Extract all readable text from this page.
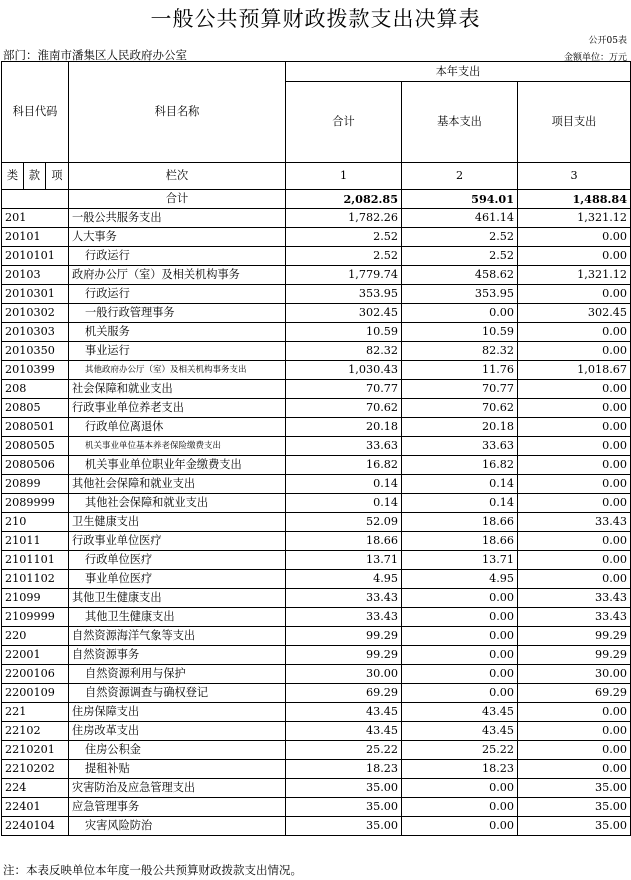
一般公共预算财政拨款支出决算表
公开05表
部门：淮南市潘集区人民政府办公室	金额单位：万元
科目代码			科目名称	本年支出		
				合计	基本支出	项目支出
类	款	项				
			栏次	1	2	3
			合计	2,082.85	594.01	1,488.84
201			一般公共服务支出	1,782.26	461.14	1,321.12
20101			人大事务	2.52	2.52	0.00
2010101			行政运行	2.52	2.52	0.00
20103			政府办公厅（室）及相关机构事务	1,779.74	458.62	1,321.12
2010301			行政运行	353.95	353.95	0.00
2010302			一般行政管理事务	302.45	0.00	302.45
2010303			机关服务	10.59	10.59	0.00
2010350			事业运行	82.32	82.32	0.00
2010399			其他政府办公厅（室）及相关机构事务支出	1,030.43	11.76	1,018.67
208			社会保障和就业支出	70.77	70.77	0.00
20805			行政事业单位养老支出	70.62	70.62	0.00
2080501			行政单位离退休	20.18	20.18	0.00
2080505			机关事业单位基本养老保险缴费支出	33.63	33.63	0.00
2080506			机关事业单位职业年金缴费支出	16.82	16.82	0.00
20899			其他社会保障和就业支出	0.14	0.14	0.00
2089999			其他社会保障和就业支出	0.14	0.14	0.00
210			卫生健康支出	52.09	18.66	33.43
21011			行政事业单位医疗	18.66	18.66	0.00
2101101			行政单位医疗	13.71	13.71	0.00
2101102			事业单位医疗	4.95	4.95	0.00
21099			其他卫生健康支出	33.43	0.00	33.43
2109999			其他卫生健康支出	33.43	0.00	33.43
220			自然资源海洋气象等支出	99.29	0.00	99.29
22001			自然资源事务	99.29	0.00	99.29
2200106			自然资源利用与保护	30.00	0.00	30.00
2200109			自然资源调查与确权登记	69.29	0.00	69.29
221			住房保障支出	43.45	43.45	0.00
22102			住房改革支出	43.45	43.45	0.00
2210201			住房公积金	25.22	25.22	0.00
2210202			提租补贴	18.23	18.23	0.00
224			灾害防治及应急管理支出	35.00	0.00	35.00
22401			应急管理事务	35.00	0.00	35.00
2240104			灾害风险防治	35.00	0.00	35.00
注：本表反映单位本年度一般公共预算财政拨款支出情况。
